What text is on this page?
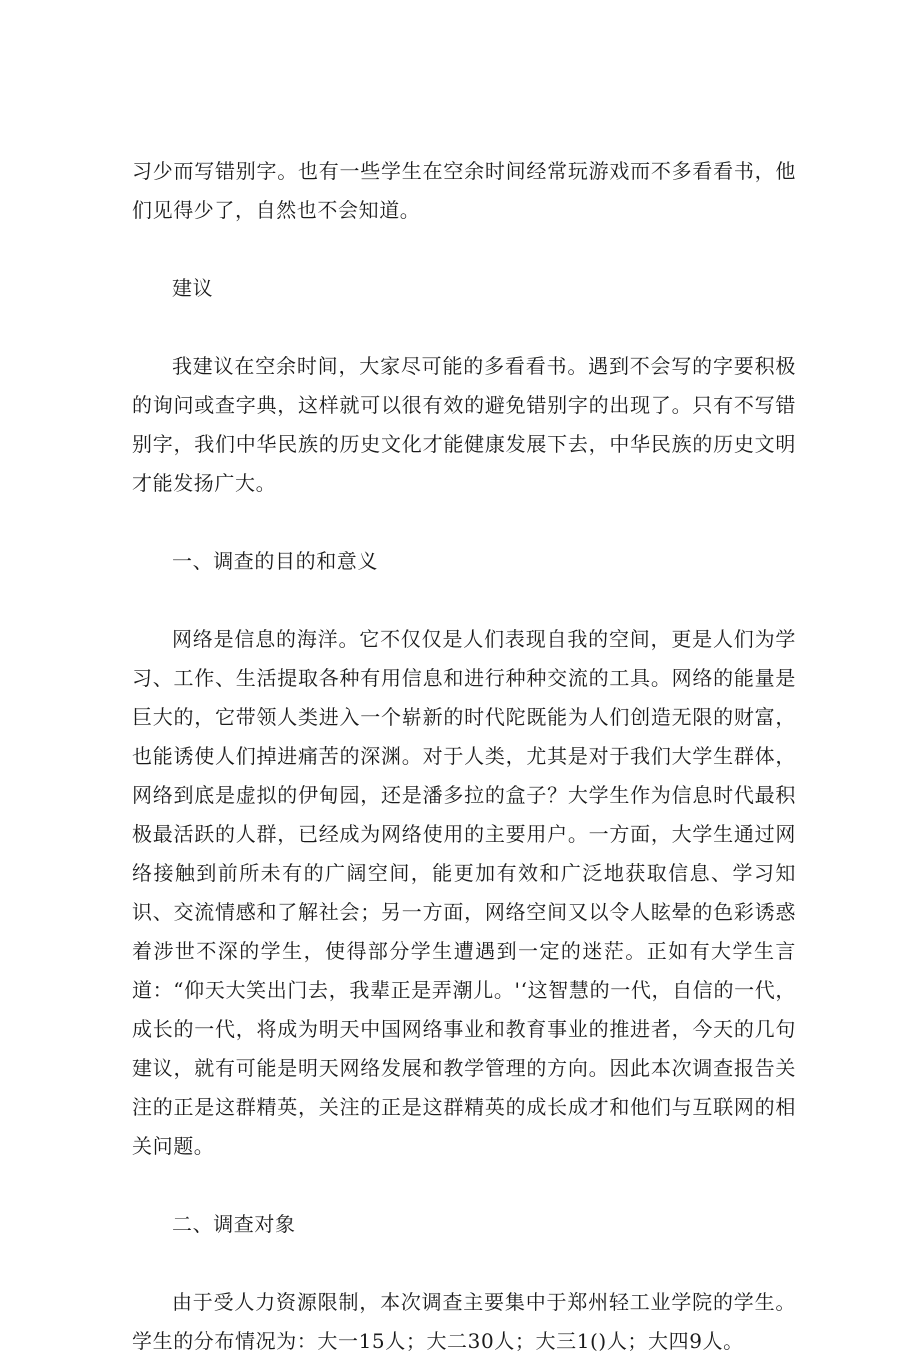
习少而写错别字。也有一些学生在空余时间经常玩游戏而不多看看书，他们见得少了，自然也不会知道。

建议

我建议在空余时间，大家尽可能的多看看书。遇到不会写的字要积极的询问或查字典，这样就可以很有效的避免错别字的出现了。只有不写错别字，我们中华民族的历史文化才能健康发展下去，中华民族的历史文明才能发扬广大。

一、调查的目的和意义

网络是信息的海洋。它不仅仅是人们表现自我的空间，更是人们为学习、工作、生活提取各种有用信息和进行种种交流的工具。网络的能量是巨大的，它带领人类进入一个崭新的时代陀既能为人们创造无限的财富，也能诱使人们掉进痛苦的深渊。对于人类，尤其是对于我们大学生群体，网络到底是虚拟的伊甸园，还是潘多拉的盒子？大学生作为信息时代最积极最活跃的人群，已经成为网络使用的主要用户。一方面，大学生通过网络接触到前所未有的广阔空间，能更加有效和广泛地获取信息、学习知识、交流情感和了解社会；另一方面，网络空间又以令人眩晕的色彩诱惑着涉世不深的学生，使得部分学生遭遇到一定的迷茫。正如有大学生言道：“仰天大笑出门去，我辈正是弄潮儿。'‘这智慧的一代，自信的一代，成长的一代，将成为明天中国网络事业和教育事业的推进者，今天的几句建议，就有可能是明天网络发展和教学管理的方向。因此本次调查报告关注的正是这群精英，关注的正是这群精英的成长成才和他们与互联网的相关问题。

二、调查对象

由于受人力资源限制，本次调查主要集中于郑州轻工业学院的学生。学生的分布情况为：大一15人；大二30人；大三1()人；大四9人。
